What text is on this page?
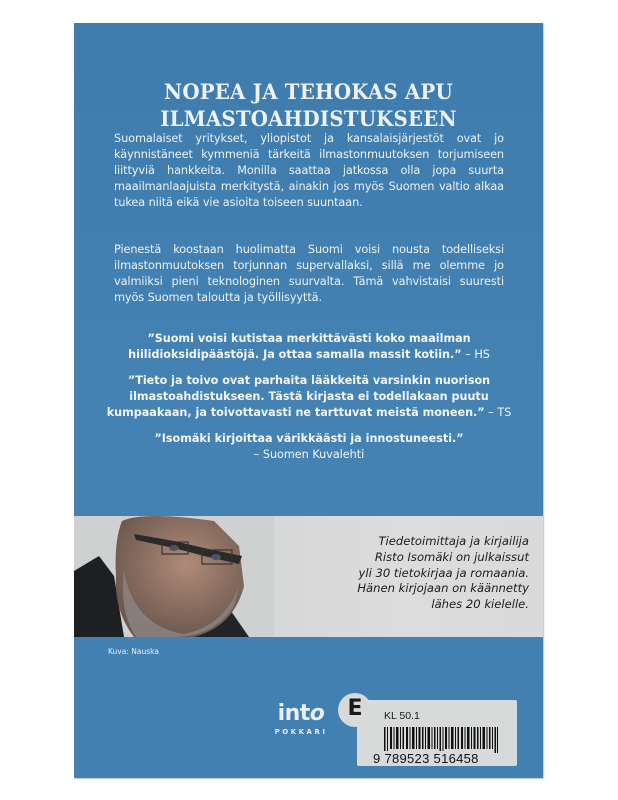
NOPEA JA TEHOKAS APU
ILMASTOAHDISTUKSEEN

Suomalaiset yritykset, yliopistot ja kansalaisjärjestöt ovat jo käynnistäneet kymmeniä tärkeitä ilmastonmuutoksen torjumiseen liittyviä hankkeita. Monilla saattaa jatkossa olla jopa suurta maailmanlaajuista merkitystä, ainakin jos myös Suomen valtio alkaa tukea niitä eikä vie asioita toiseen suuntaan.

Pienestä koostaan huolimatta Suomi voisi nousta todelliseksi ilmastonmuutoksen torjunnan supervallaksi, sillä me olemme jo valmiiksi pieni teknologinen suurvalta. Tämä vahvistaisi suuresti myös Suomen taloutta ja työllisyyttä.

”Suomi voisi kutistaa merkittävästi koko maailman hiilidioksidipäästöjä. Ja ottaa samalla massit kotiin.” – HS
”Tieto ja toivo ovat parhaita lääkkeitä varsinkin nuorison ilmastoahdistukseen. Tästä kirjasta ei todellakaan puutu kumpaakaan, ja toivottavasti ne tarttuvat meistä moneen.” – TS
”Isomäki kirjoittaa värikkäästi ja innostuneesti.”
– Suomen Kuvalehti
Tiedetoimittaja ja kirjailija
Risto Isomäki on julkaissut
yli 30 tietokirjaa ja romaania.
Hänen kirjojaan on käännetty
lähes 20 kielelle.
Kuva: Nauska
into
POKKARI
E	KL 50.1
9 789523 516458
